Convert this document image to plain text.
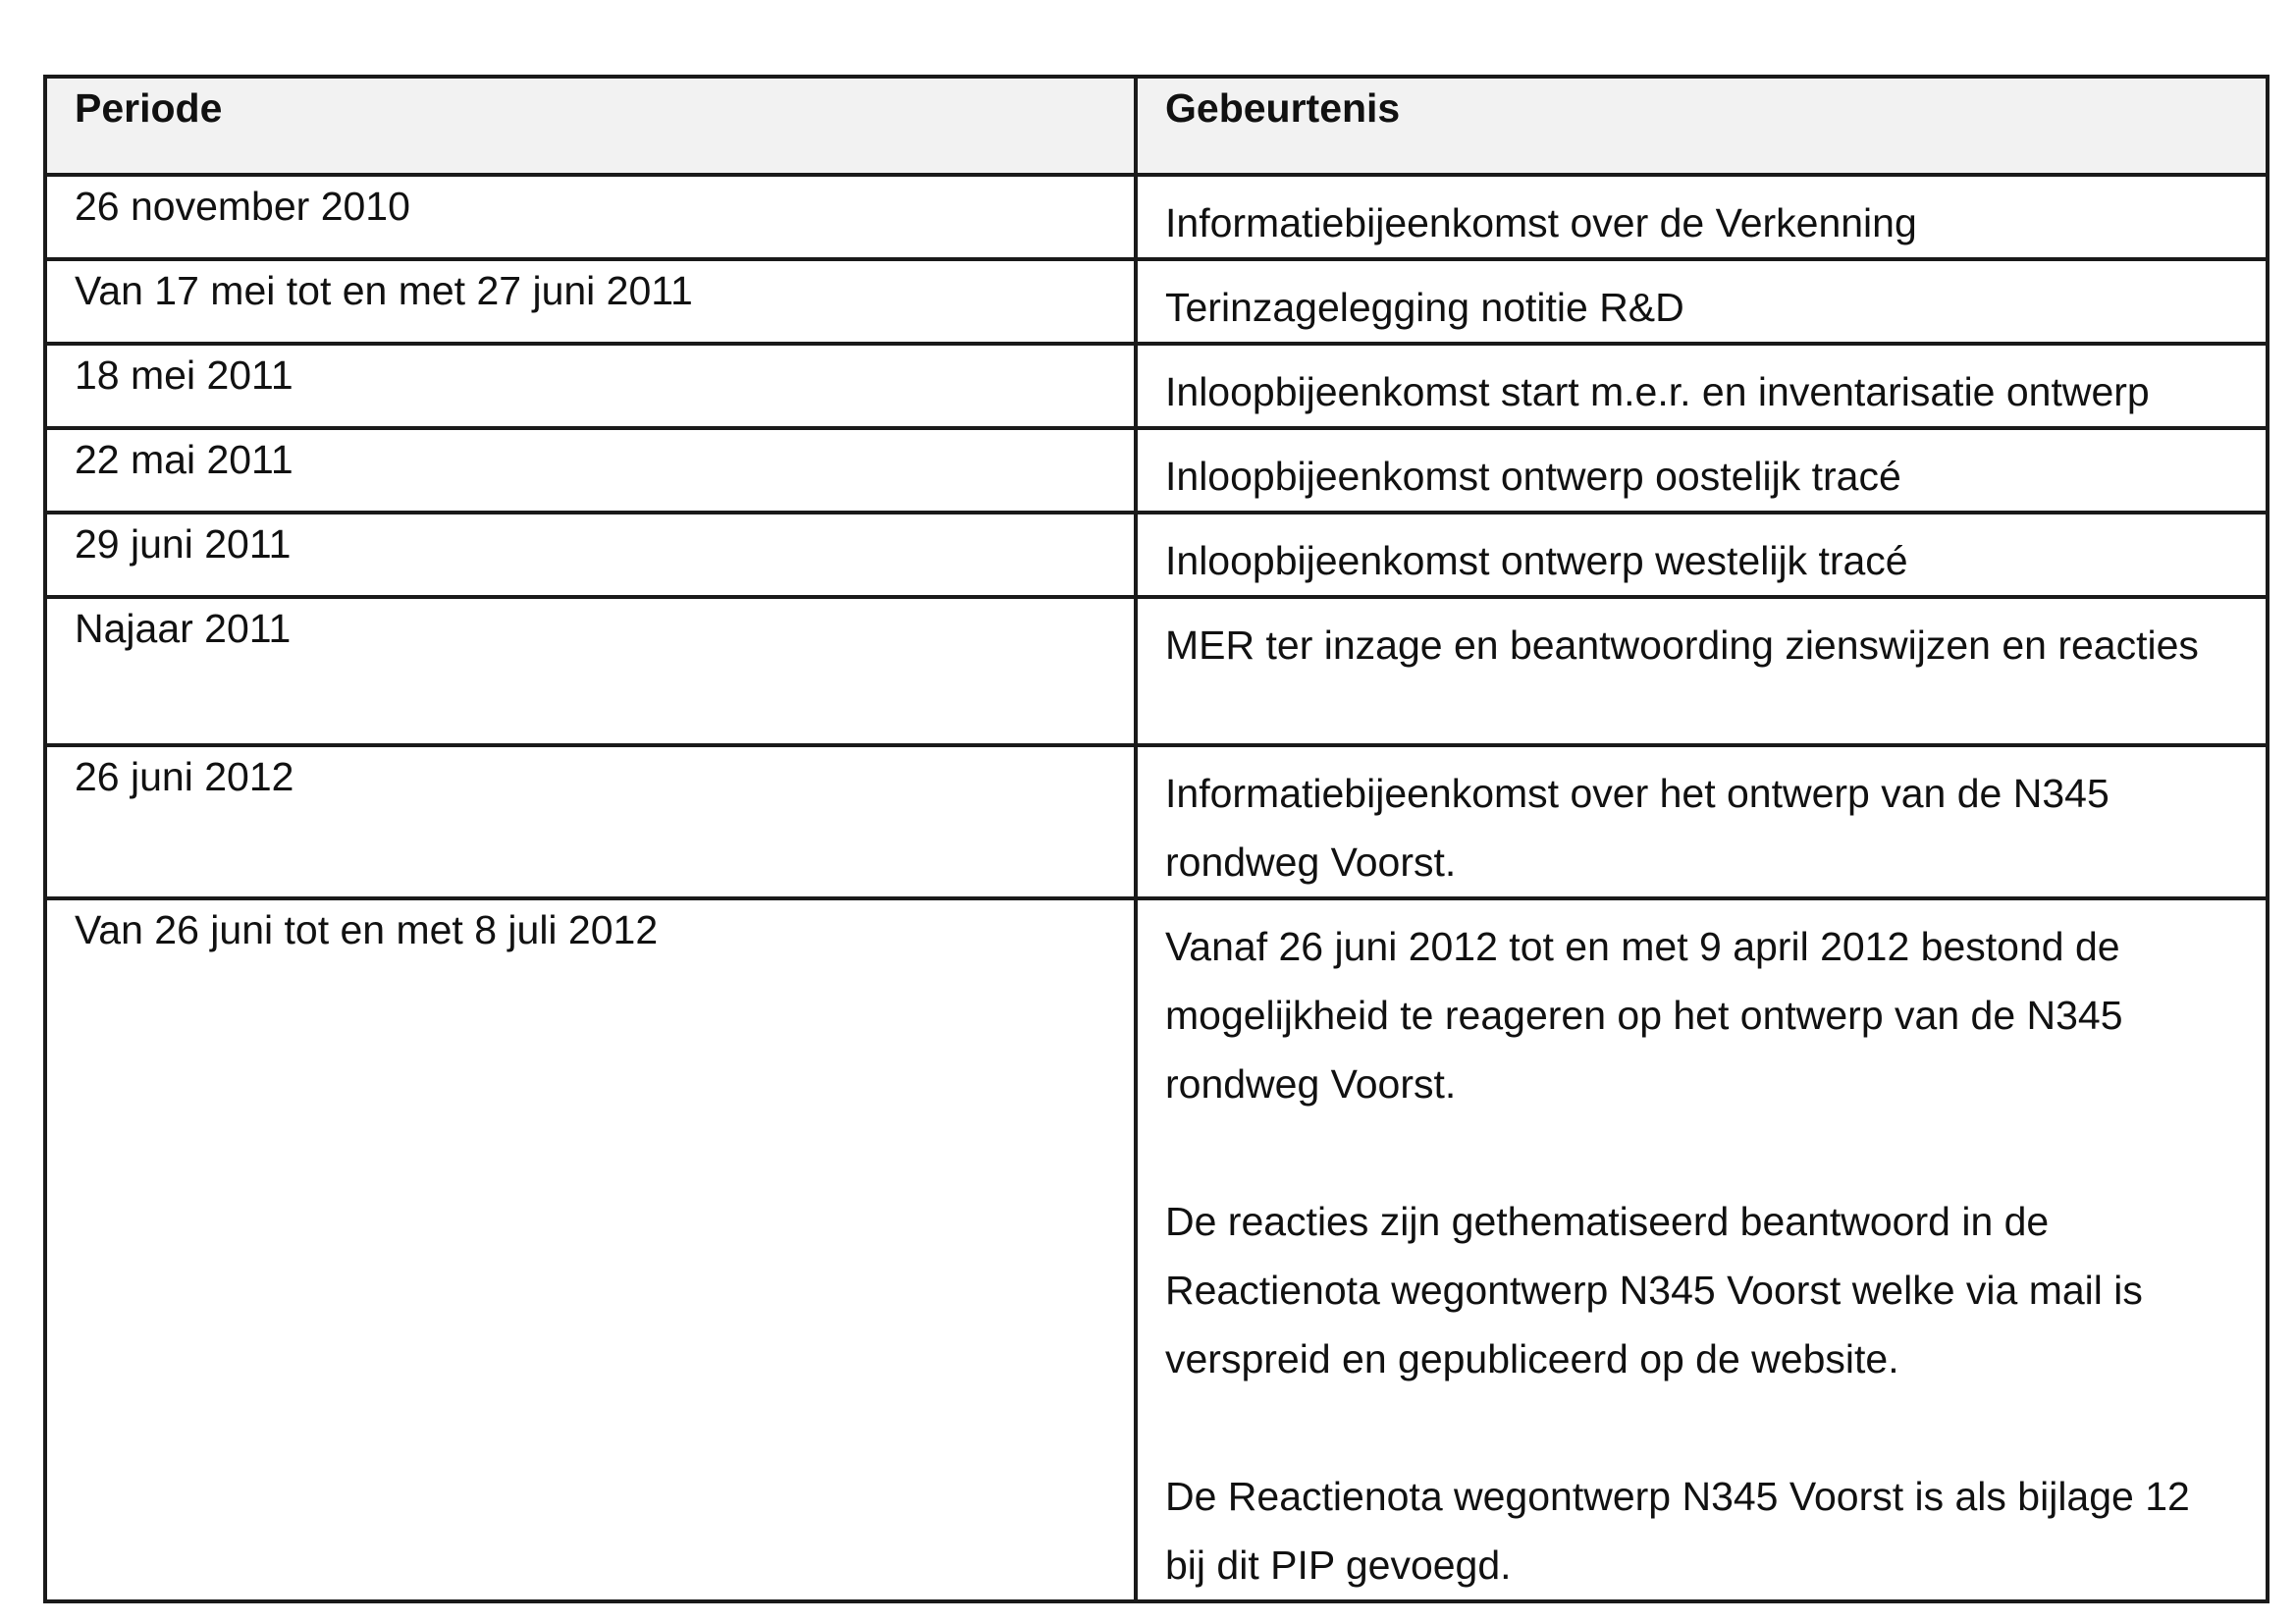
Periode	Gebeurtenis
26 november 2010	Informatiebijeenkomst over de Verkenning

Van 17 mei tot en met 27 juni 2011	Terinzagelegging notitie R&D

18 mei 2011	Inloopbijeenkomst start m.e.r. en inventarisatie ontwerp

22 mai 2011	Inloopbijeenkomst ontwerp oostelijk tracé

29 juni 2011	Inloopbijeenkomst ontwerp westelijk tracé

Najaar 2011	MER ter inzage en beantwoording zienswijzen en reacties

26 juni 2012	Informatiebijeenkomst over het ontwerp van de N345 rondweg Voorst.

Van 26 juni tot en met 8 juli 2012	Vanaf 26 juni 2012 tot en met 9 april 2012 bestond de mogelijkheid te reageren op het ontwerp van de N345 rondweg Voorst.
De reacties zijn gethematiseerd beantwoord in de Reactienota wegontwerp N345 Voorst welke via mail is verspreid en gepubliceerd op de website.
De Reactienota wegontwerp N345 Voorst is als bijlage 12 bij dit PIP gevoegd.
